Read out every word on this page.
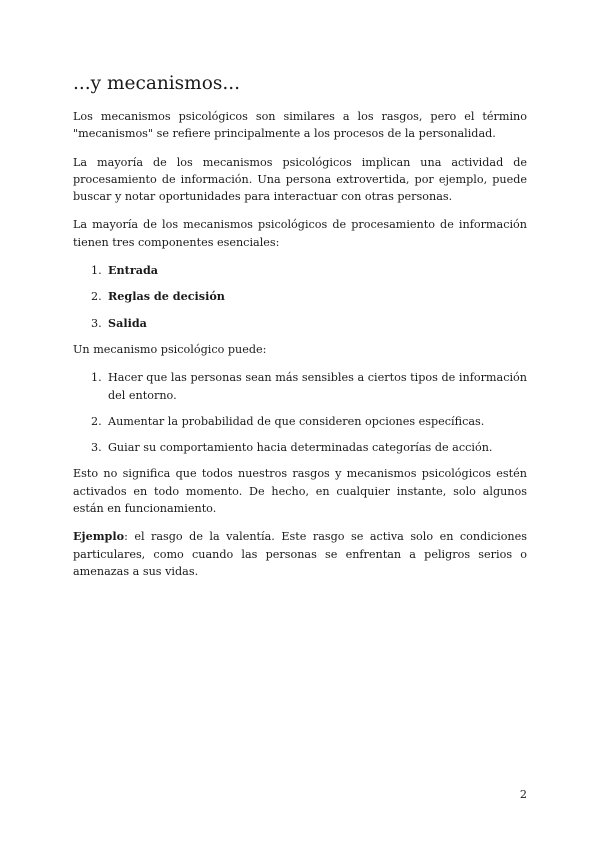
...y mecanismos...

Los mecanismos psicológicos son similares a los rasgos, pero el término "mecanismos" se refiere principalmente a los procesos de la personalidad.

La mayoría de los mecanismos psicológicos implican una actividad de procesamiento de información. Una persona extrovertida, por ejemplo, puede buscar y notar oportunidades para interactuar con otras personas.

La mayoría de los mecanismos psicológicos de procesamiento de información tienen tres componentes esenciales:

1. Entrada
2. Reglas de decisión
3. Salida

Un mecanismo psicológico puede:

1. Hacer que las personas sean más sensibles a ciertos tipos de información del entorno.
2. Aumentar la probabilidad de que consideren opciones específicas.
3. Guiar su comportamiento hacia determinadas categorías de acción.

Esto no significa que todos nuestros rasgos y mecanismos psicológicos estén activados en todo momento. De hecho, en cualquier instante, solo algunos están en funcionamiento.

Ejemplo: el rasgo de la valentía. Este rasgo se activa solo en condiciones particulares, como cuando las personas se enfrentan a peligros serios o amenazas a sus vidas.

2
